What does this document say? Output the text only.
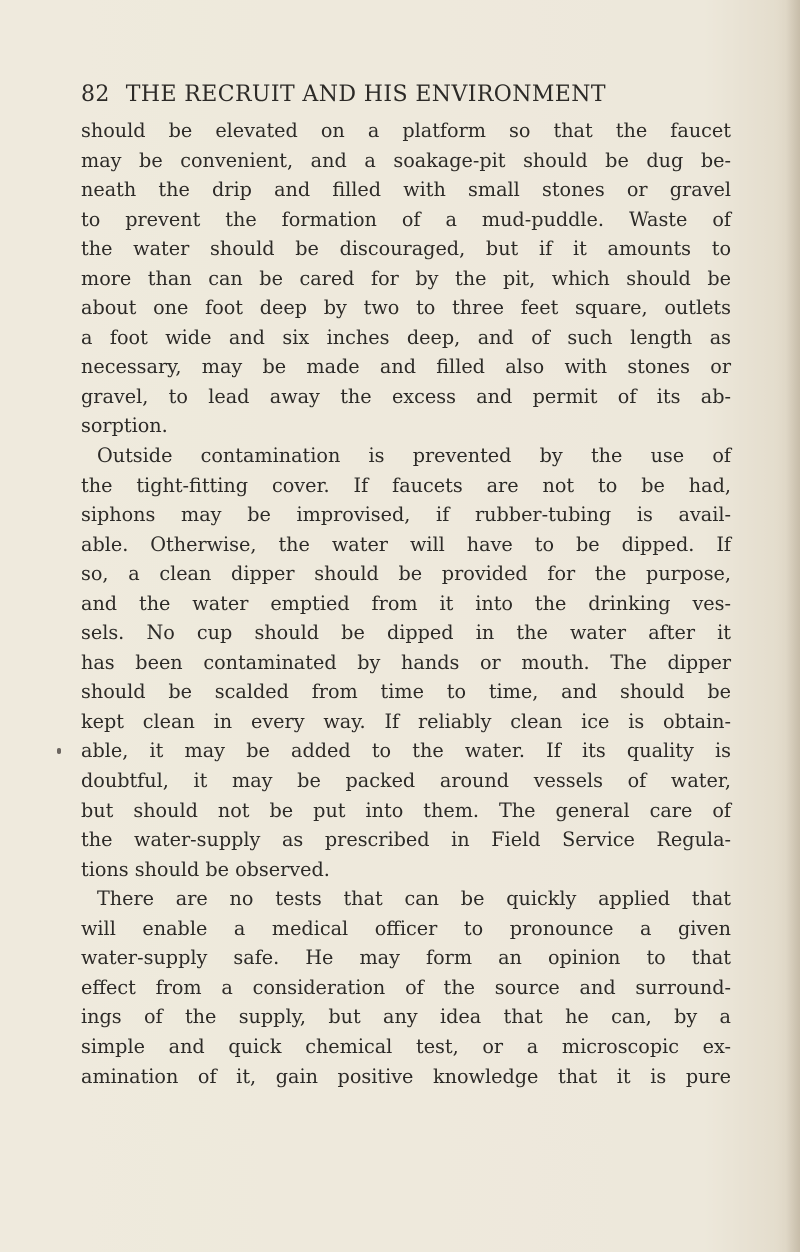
82 THE RECRUIT AND HIS ENVIRONMENT
should be elevated on a platform so that the faucet
may be convenient, and a soakage-pit should be dug be-
neath the drip and filled with small stones or gravel
to prevent the formation of a mud-puddle. Waste of
the water should be discouraged, but if it amounts to
more than can be cared for by the pit, which should be
about one foot deep by two to three feet square, outlets
a foot wide and six inches deep, and of such length as
necessary, may be made and filled also with stones or
gravel, to lead away the excess and permit of its ab-
sorption.
Outside contamination is prevented by the use of
the tight-fitting cover. If faucets are not to be had,
siphons may be improvised, if rubber-tubing is avail-
able. Otherwise, the water will have to be dipped. If
so, a clean dipper should be provided for the purpose,
and the water emptied from it into the drinking ves-
sels. No cup should be dipped in the water after it
has been contaminated by hands or mouth. The dipper
should be scalded from time to time, and should be
kept clean in every way. If reliably clean ice is obtain-
able, it may be added to the water. If its quality is
doubtful, it may be packed around vessels of water,
but should not be put into them. The general care of
the water-supply as prescribed in Field Service Regula-
tions should be observed.
There are no tests that can be quickly applied that
will enable a medical officer to pronounce a given
water-supply safe. He may form an opinion to that
effect from a consideration of the source and surround-
ings of the supply, but any idea that he can, by a
simple and quick chemical test, or a microscopic ex-
amination of it, gain positive knowledge that it is pure
